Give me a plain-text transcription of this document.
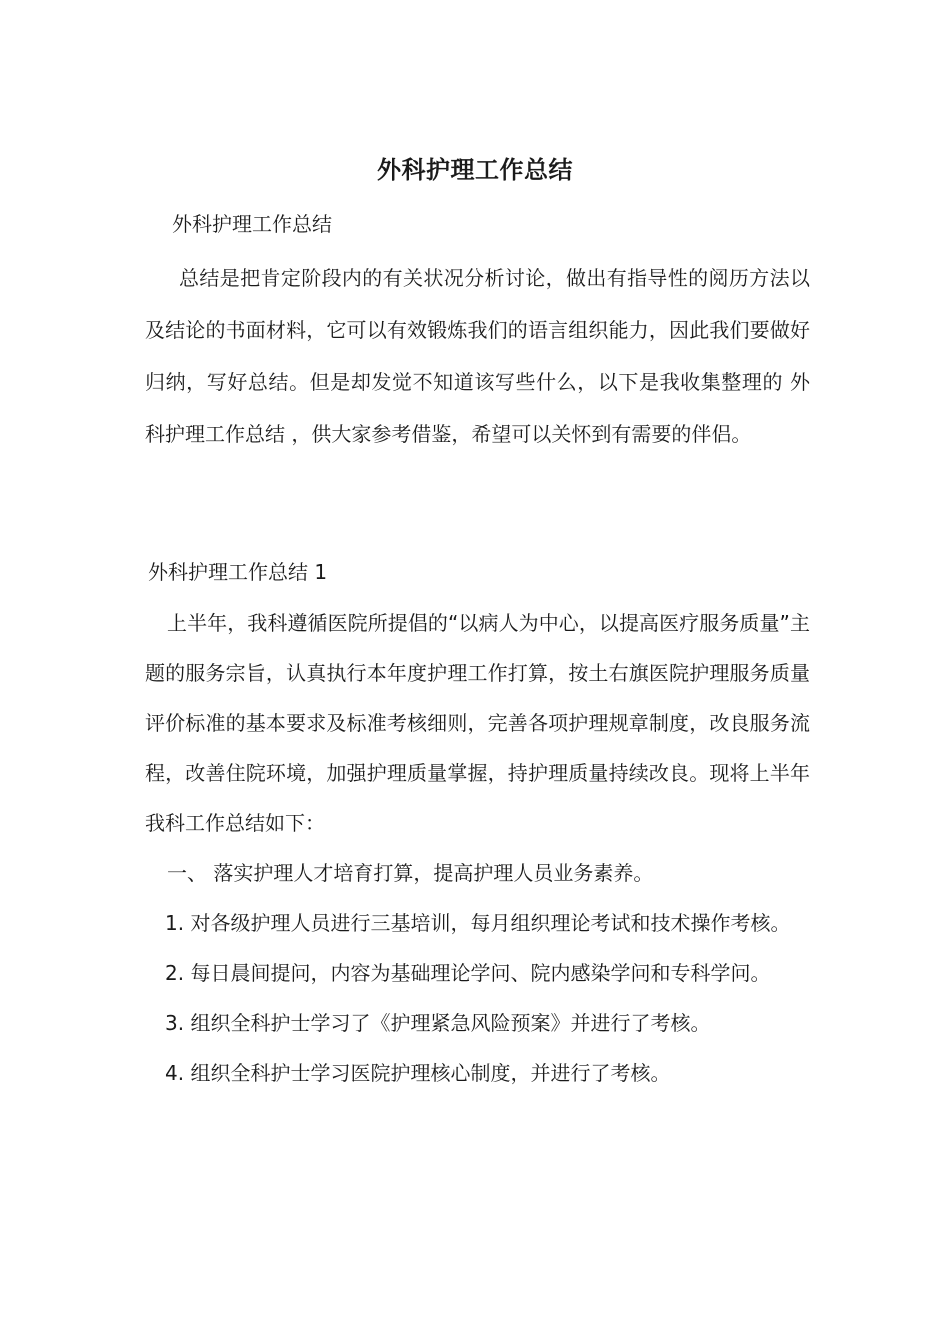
外科护理工作总结
外科护理工作总结

总结是把肯定阶段内的有关状况分析讨论，做出有指导性的阅历方法以及结论的书面材料，它可以有效锻炼我们的语言组织能力，因此我们要做好归纳，写好总结。但是却发觉不知道该写些什么，以下是我收集整理的 外科护理工作总结 ，供大家参考借鉴，希望可以关怀到有需要的伴侣。

外科护理工作总结 1

上半年，我科遵循医院所提倡的“以病人为中心，以提高医疗服务质量”主 题的服务宗旨，认真执行本年度护理工作打算，按土右旗医院护理服务质量评价标准的基本要求及标准考核细则，完善各项护理规章制度，改良服务流程，改善住院环境，加强护理质量掌握，持护理质量持续改良。现将上半年我科工作总结如下：

一、 落实护理人才培育打算，提高护理人员业务素养。

1. 对各级护理人员进行三基培训，每月组织理论考试和技术操作考核。

2. 每日晨间提问，内容为基础理论学问、院内感染学问和专科学问。

3. 组织全科护士学习了《护理紧急风险预案》并进行了考核。

4. 组织全科护士学习医院护理核心制度，并进行了考核。
